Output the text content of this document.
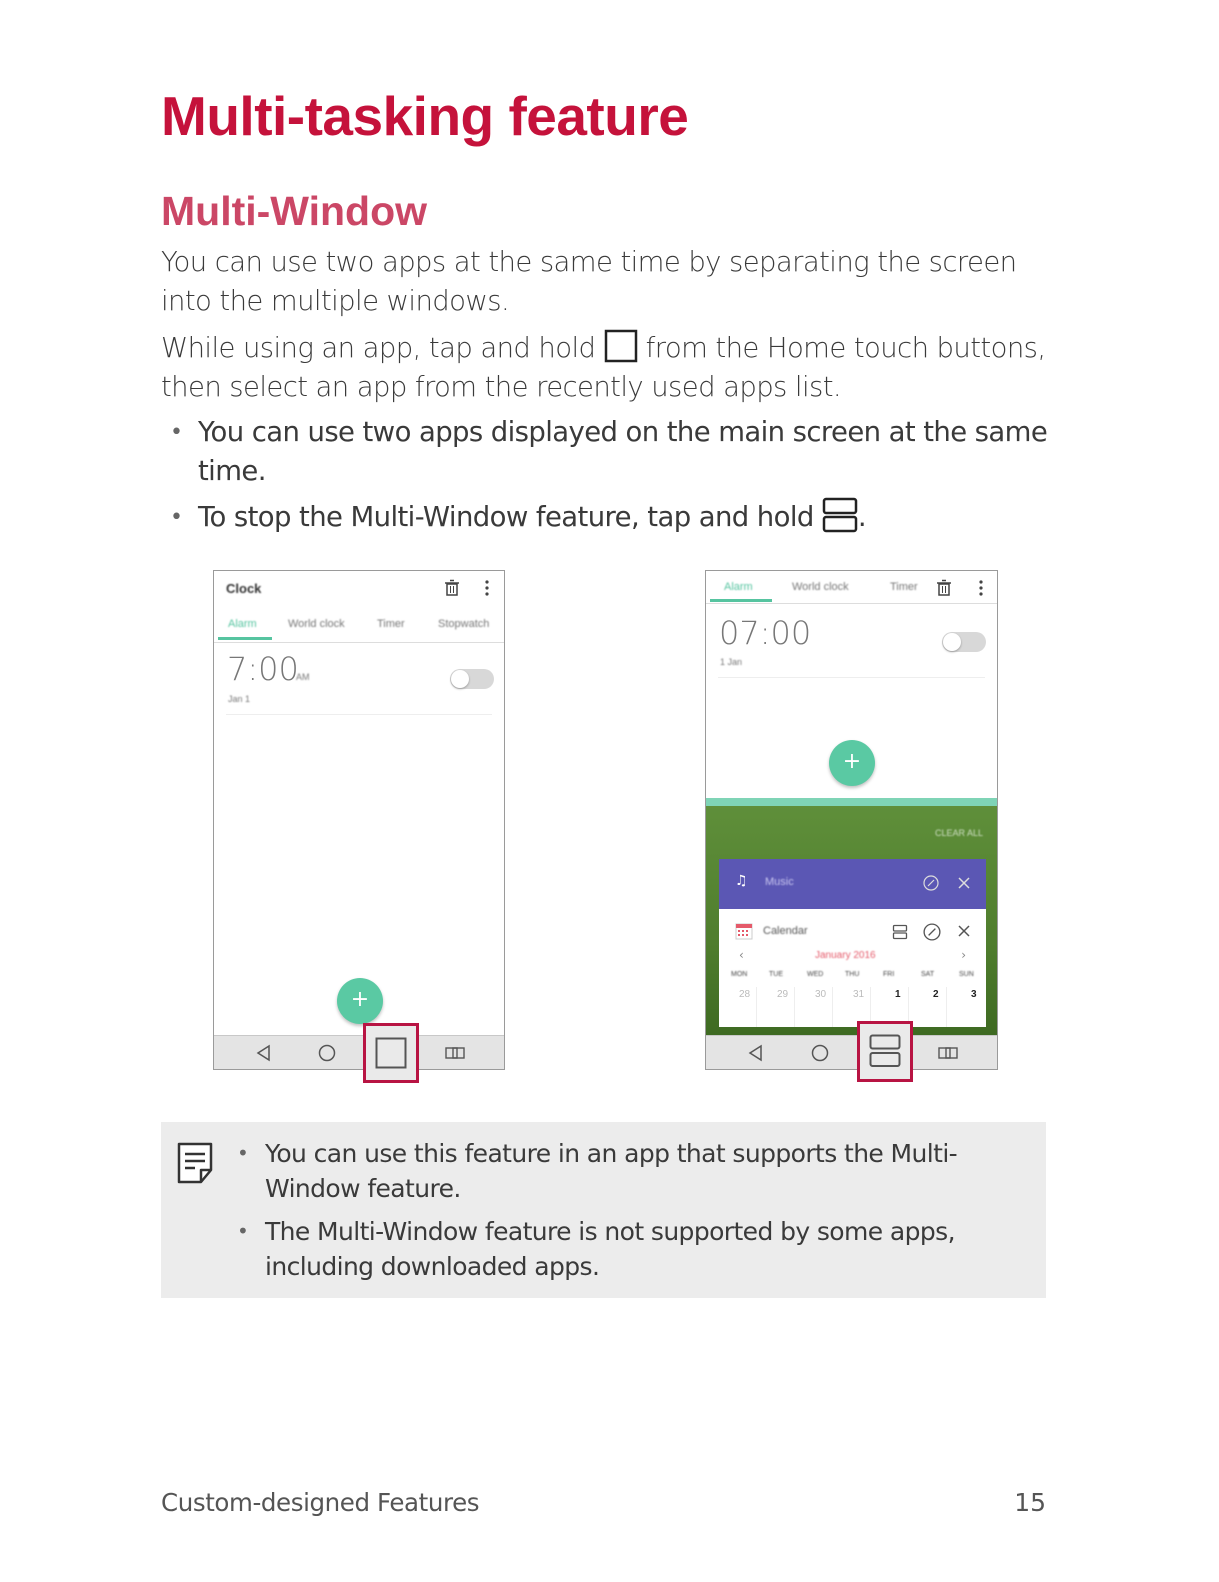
Multi-tasking feature
Multi-Window

You can use two apps at the same time by separating the screen into the multiple windows.

While using an app, tap and hold  from the Home touch buttons, then select an app from the recently used apps list.

• You can use two apps displayed on the main screen at the same time.
• To stop the Multi-Window feature, tap and hold .
Clock
Alarm	World clock	Timer	Stopwatch
7:00
AM
Jan 1
+
Alarm	World clock	Timer
07:00
1 Jan
+
CLEAR ALL
♫ Music
Calendar
‹	January 2016	›
MON	TUE	WED	THU	FRI	SAT	SUN
28	29	30	31	1	2	3
• You can use this feature in an app that supports the Multi-Window feature.
• The Multi-Window feature is not supported by some apps, including downloaded apps.
Custom-designed Features	15
